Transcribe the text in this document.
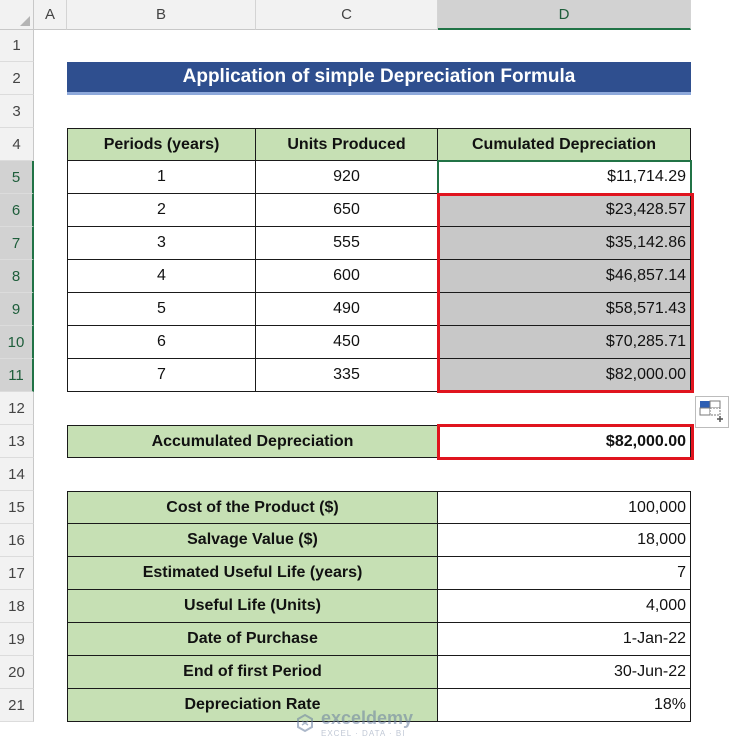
A	B	C	D
1
2
3
4
5
6
7
8
9
10
11
12
13
14
15
16
17
18
19
20
21
Application of simple Depreciation Formula
Periods (years)	Units Produced	Cumulated Depreciation
1	920	$11,714.29
2	650	$23,428.57
3	555	$35,142.86
4	600	$46,857.14
5	490	$58,571.43
6	450	$70,285.71
7	335	$82,000.00
Accumulated Depreciation	$82,000.00
Cost of the Product ($)	100,000
Salvage Value ($)	18,000
Estimated Useful Life (years)	7
Useful Life (Units)	4,000
Date of Purchase	1-Jan-22
End of first Period	30-Jun-22
Depreciation Rate	18%
exceldemy
EXCEL · DATA · BI
